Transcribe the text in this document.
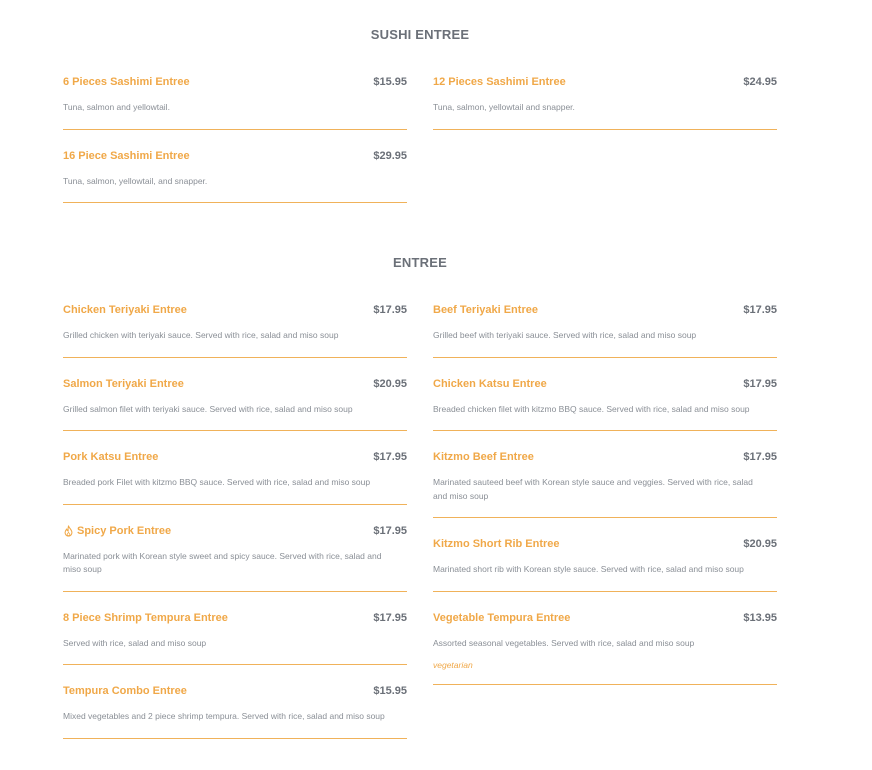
SUSHI ENTREE
6 Pieces Sashimi Entree	$15.95
Tuna, salmon and yellowtail.
16 Piece Sashimi Entree	$29.95
Tuna, salmon, yellowtail, and snapper.
12 Pieces Sashimi Entree	$24.95
Tuna, salmon, yellowtail and snapper.
ENTREE
Chicken Teriyaki Entree	$17.95
Grilled chicken with teriyaki sauce. Served with rice, salad and miso soup
Salmon Teriyaki Entree	$20.95
Grilled salmon filet with teriyaki sauce. Served with rice, salad and miso soup
Pork Katsu Entree	$17.95
Breaded pork Filet with kitzmo BBQ sauce. Served with rice, salad and miso soup
Spicy Pork Entree	$17.95
Marinated pork with Korean style sweet and spicy sauce. Served with rice, salad and miso soup
8 Piece Shrimp Tempura Entree	$17.95
Served with rice, salad and miso soup
Tempura Combo Entree	$15.95
Mixed vegetables and 2 piece shrimp tempura. Served with rice, salad and miso soup
Beef Teriyaki Entree	$17.95
Grilled beef with teriyaki sauce. Served with rice, salad and miso soup
Chicken Katsu Entree	$17.95
Breaded chicken filet with kitzmo BBQ sauce. Served with rice, salad and miso soup
Kitzmo Beef Entree	$17.95
Marinated sauteed beef with Korean style sauce and veggies. Served with rice, salad and miso soup
Kitzmo Short Rib Entree	$20.95
Marinated short rib with Korean style sauce. Served with rice, salad and miso soup
Vegetable Tempura Entree	$13.95
Assorted seasonal vegetables. Served with rice, salad and miso soup
vegetarian
